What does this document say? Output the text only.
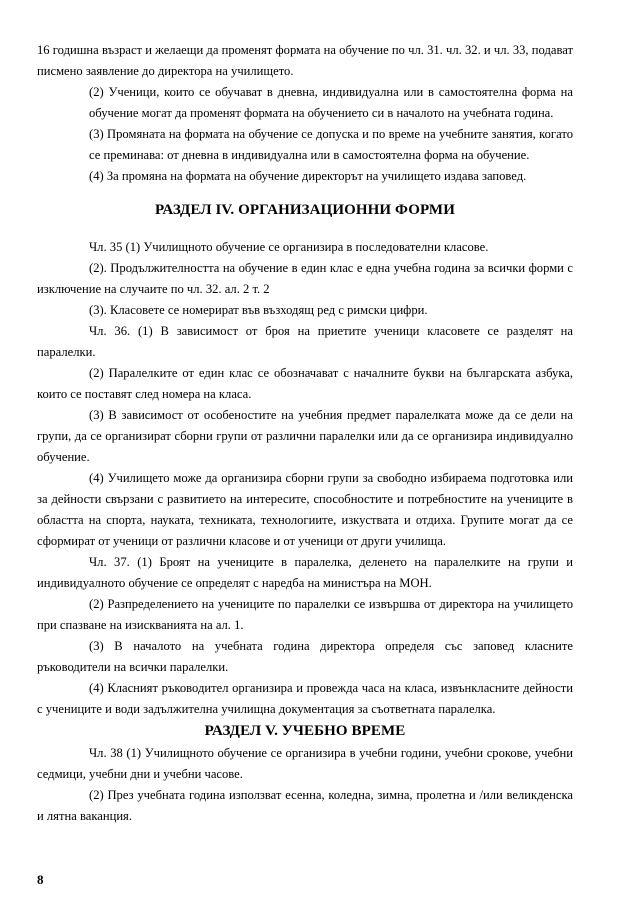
16 годишна възраст и желаещи да променят формата на обучение по чл. 31. чл. 32. и чл. 33, подават писмено заявление до директора на училището.

(2) Ученици, които се обучават в дневна, индивидуална или в самостоятелна форма на обучение могат да променят формата на обучението си в началото на учебната година.

(3) Промяната на формата на обучение се допуска и по време на учебните занятия, когато се преминава: от дневна в индивидуална или в самостоятелна форма на обучение.

(4) За промяна на формата на обучение директорът на училището издава заповед.

РАЗДЕЛ IV. ОРГАНИЗАЦИОННИ ФОРМИ

Чл. 35 (1) Училищното обучение се организира в последователни класове.

(2). Продължителността на обучение в един клас е една учебна година за всички форми с изключение на случаите по чл. 32. ал. 2 т. 2

(3). Класовете се номерират във възходящ ред с римски цифри.

Чл. 36. (1) В зависимост от броя на приетите ученици класовете се разделят на паралелки.

(2) Паралелките от един клас се обозначават с началните букви на българската азбука, които се поставят след номера на класа.

(3) В зависимост от особеностите на учебния предмет паралелката може да се дели на групи, да се организират сборни групи от различни паралелки или да се организира индивидуално обучение.

(4) Училището може да организира сборни групи за свободно избираема подготовка или за дейности свързани с развитието на интересите, способностите и потребностите на учениците в областта на спорта, науката, техниката, технологиите, изкуствата и отдиха. Групите могат да се сформират от ученици от различни класове и от ученици от други училища.

Чл. 37. (1) Броят на учениците в паралелка, деленето на паралелките на групи и индивидуалното обучение се определят с наредба на министъра на МОН.

(2) Разпределението на учениците по паралелки се извършва от директора на училището при спазване на изискванията на ал. 1.

(3) В началото на учебната година директора определя със заповед класните ръководители на всички паралелки.

(4) Класният ръководител организира и провежда часа на класа, извънкласните дейности с учениците и води задължителна училищна документация за съответната паралелка.

РАЗДЕЛ V. УЧЕБНО ВРЕМЕ

Чл. 38 (1) Училищното обучение се организира в учебни години, учебни срокове, учебни седмици, учебни дни и учебни часове.

(2) През учебната година използват есенна, коледна, зимна, пролетна и /или великденска и лятна ваканция.

8
